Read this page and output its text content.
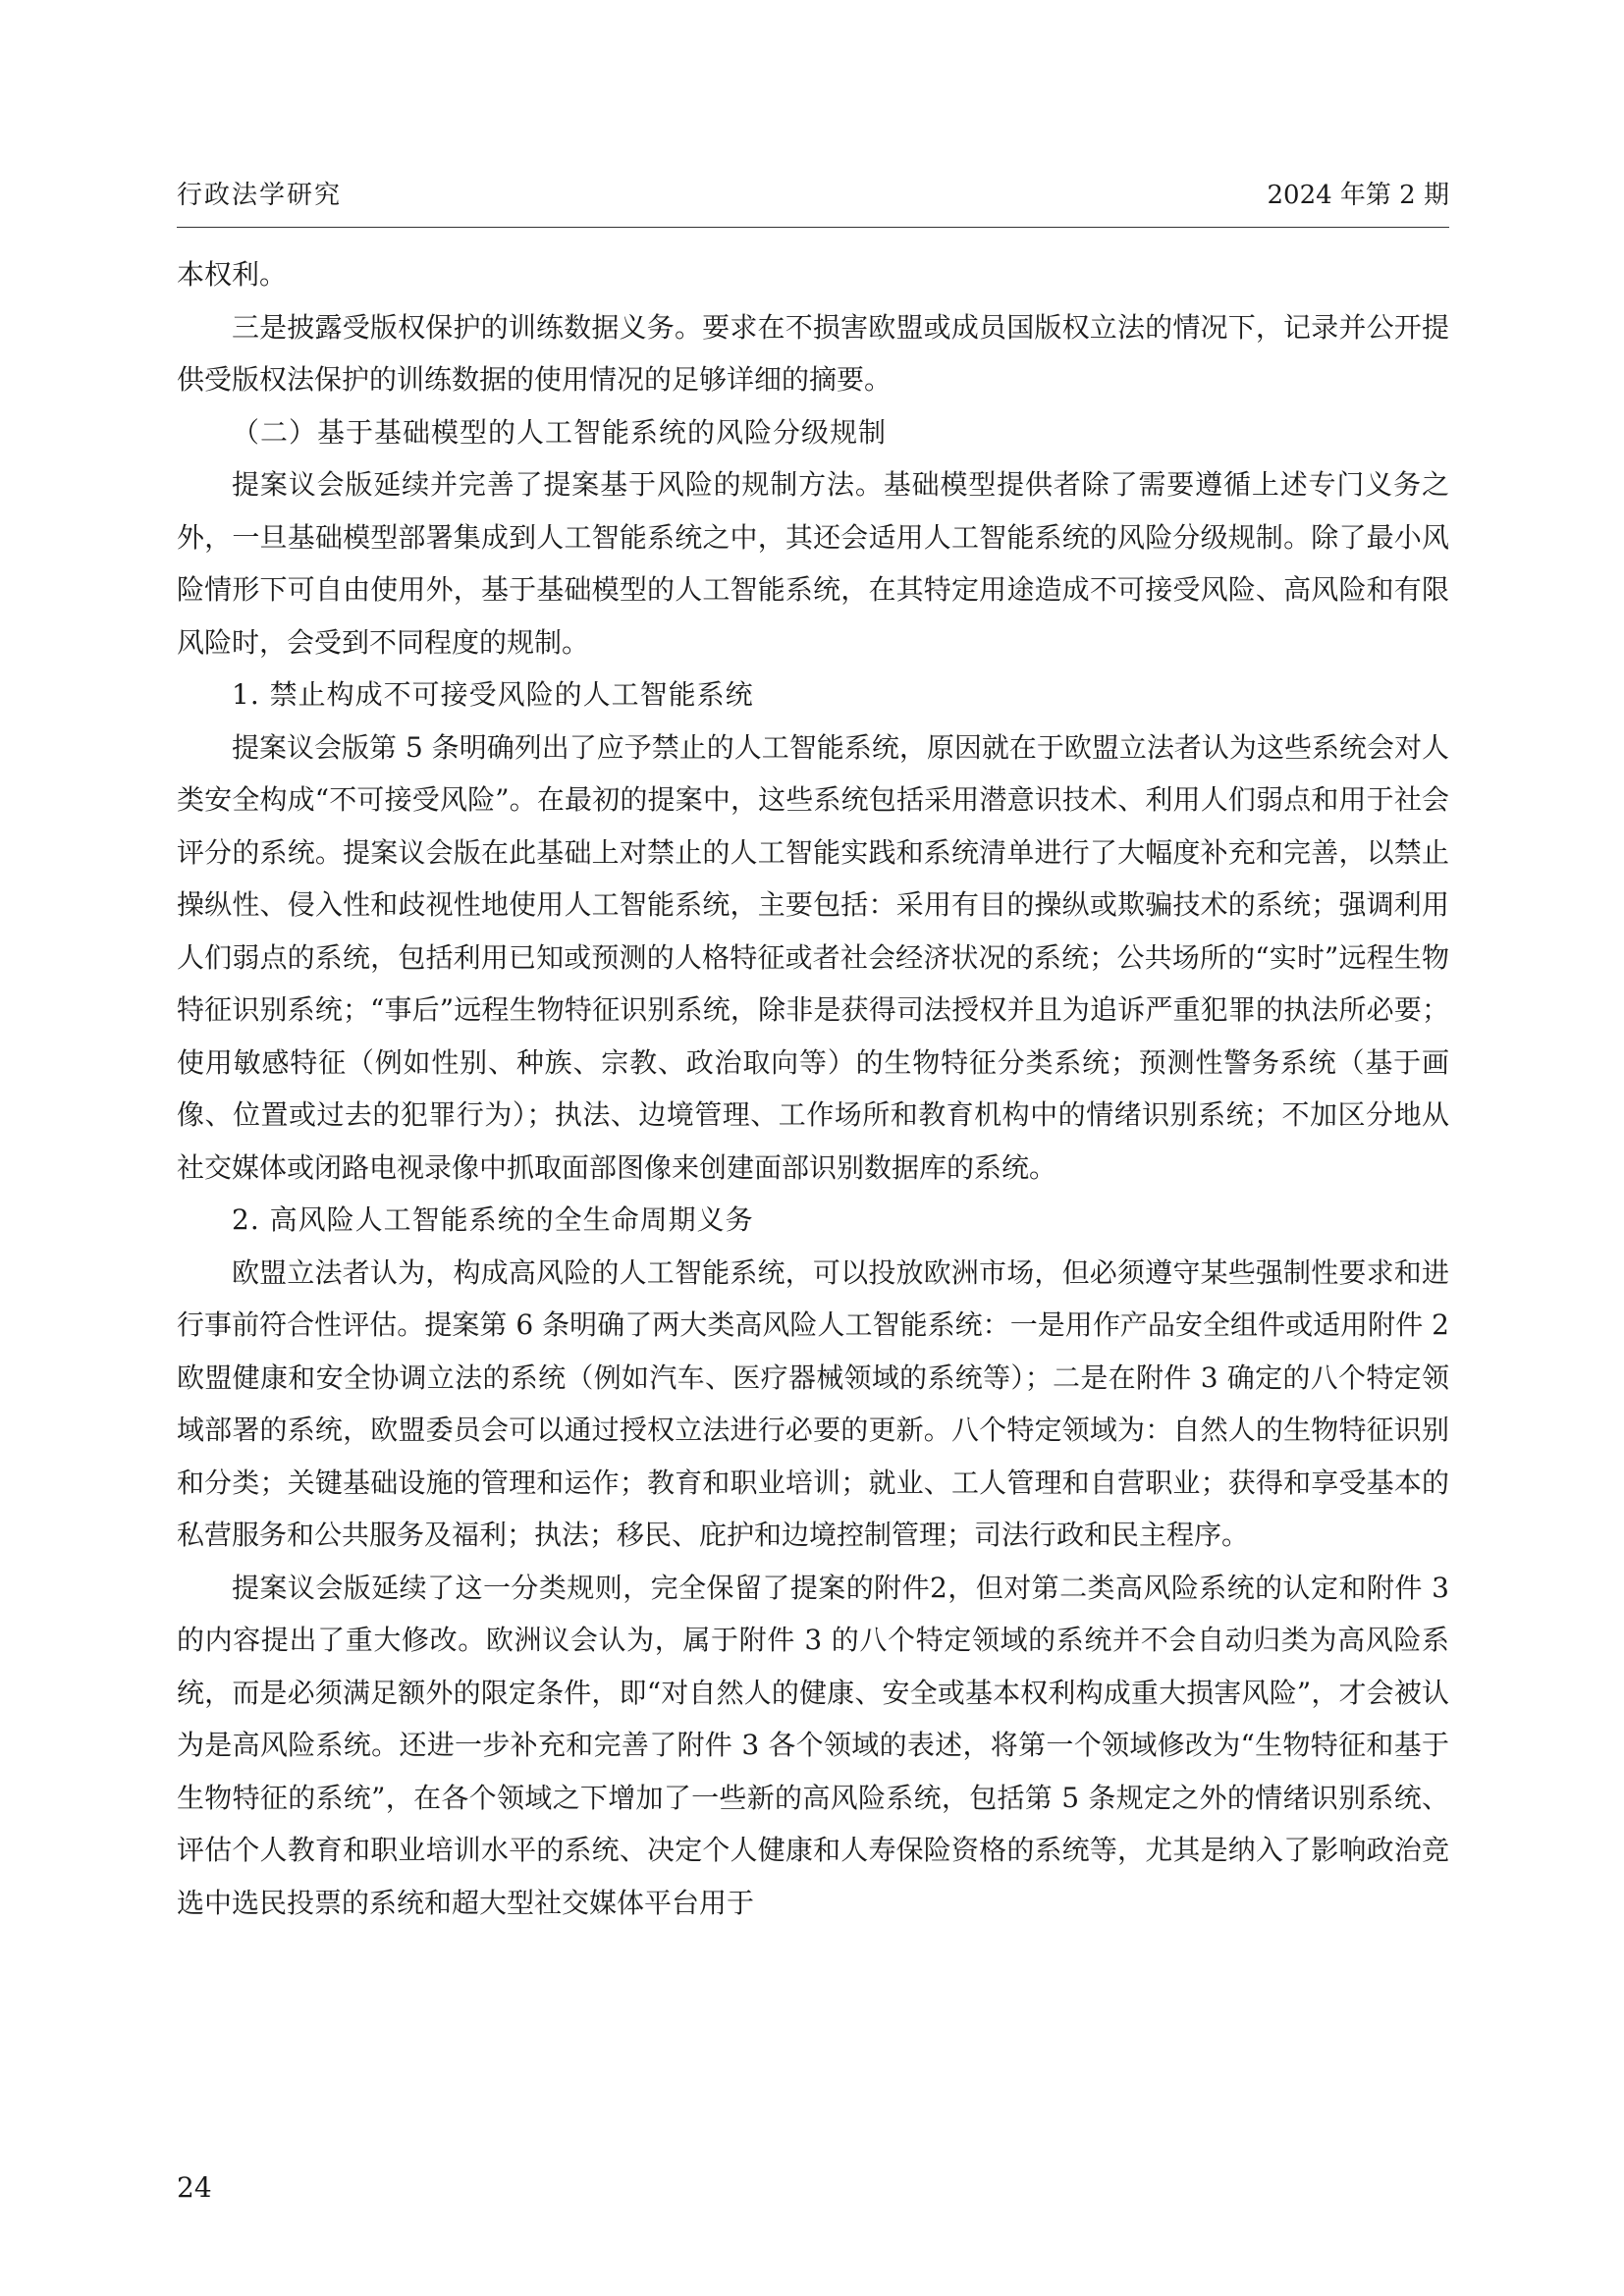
行政法学研究	2024 年第 2 期

本权利。

三是披露受版权保护的训练数据义务。要求在不损害欧盟或成员国版权立法的情况下，记录并公开提供受版权法保护的训练数据的使用情况的足够详细的摘要。

（二）基于基础模型的人工智能系统的风险分级规制

提案议会版延续并完善了提案基于风险的规制方法。基础模型提供者除了需要遵循上述专门义务之外，一旦基础模型部署集成到人工智能系统之中，其还会适用人工智能系统的风险分级规制。除了最小风险情形下可自由使用外，基于基础模型的人工智能系统，在其特定用途造成不可接受风险、高风险和有限风险时，会受到不同程度的规制。

1. 禁止构成不可接受风险的人工智能系统

提案议会版第 5 条明确列出了应予禁止的人工智能系统，原因就在于欧盟立法者认为这些系统会对人类安全构成“不可接受风险”。在最初的提案中，这些系统包括采用潜意识技术、利用人们弱点和用于社会评分的系统。提案议会版在此基础上对禁止的人工智能实践和系统清单进行了大幅度补充和完善，以禁止操纵性、侵入性和歧视性地使用人工智能系统，主要包括：采用有目的操纵或欺骗技术的系统；强调利用人们弱点的系统，包括利用已知或预测的人格特征或者社会经济状况的系统；公共场所的“实时”远程生物特征识别系统；“事后”远程生物特征识别系统，除非是获得司法授权并且为追诉严重犯罪的执法所必要；使用敏感特征（例如性别、种族、宗教、政治取向等）的生物特征分类系统；预测性警务系统（基于画像、位置或过去的犯罪行为）；执法、边境管理、工作场所和教育机构中的情绪识别系统；不加区分地从社交媒体或闭路电视录像中抓取面部图像来创建面部识别数据库的系统。

2. 高风险人工智能系统的全生命周期义务

欧盟立法者认为，构成高风险的人工智能系统，可以投放欧洲市场，但必须遵守某些强制性要求和进行事前符合性评估。提案第 6 条明确了两大类高风险人工智能系统：一是用作产品安全组件或适用附件 2 欧盟健康和安全协调立法的系统（例如汽车、医疗器械领域的系统等）；二是在附件 3 确定的八个特定领域部署的系统，欧盟委员会可以通过授权立法进行必要的更新。八个特定领域为：自然人的生物特征识别和分类；关键基础设施的管理和运作；教育和职业培训；就业、工人管理和自营职业；获得和享受基本的私营服务和公共服务及福利；执法；移民、庇护和边境控制管理；司法行政和民主程序。

提案议会版延续了这一分类规则，完全保留了提案的附件2，但对第二类高风险系统的认定和附件 3 的内容提出了重大修改。欧洲议会认为，属于附件 3 的八个特定领域的系统并不会自动归类为高风险系统，而是必须满足额外的限定条件，即“对自然人的健康、安全或基本权利构成重大损害风险”，才会被认为是高风险系统。还进一步补充和完善了附件 3 各个领域的表述，将第一个领域修改为“生物特征和基于生物特征的系统”，在各个领域之下增加了一些新的高风险系统，包括第 5 条规定之外的情绪识别系统、评估个人教育和职业培训水平的系统、决定个人健康和人寿保险资格的系统等，尤其是纳入了影响政治竞选中选民投票的系统和超大型社交媒体平台用于

24
